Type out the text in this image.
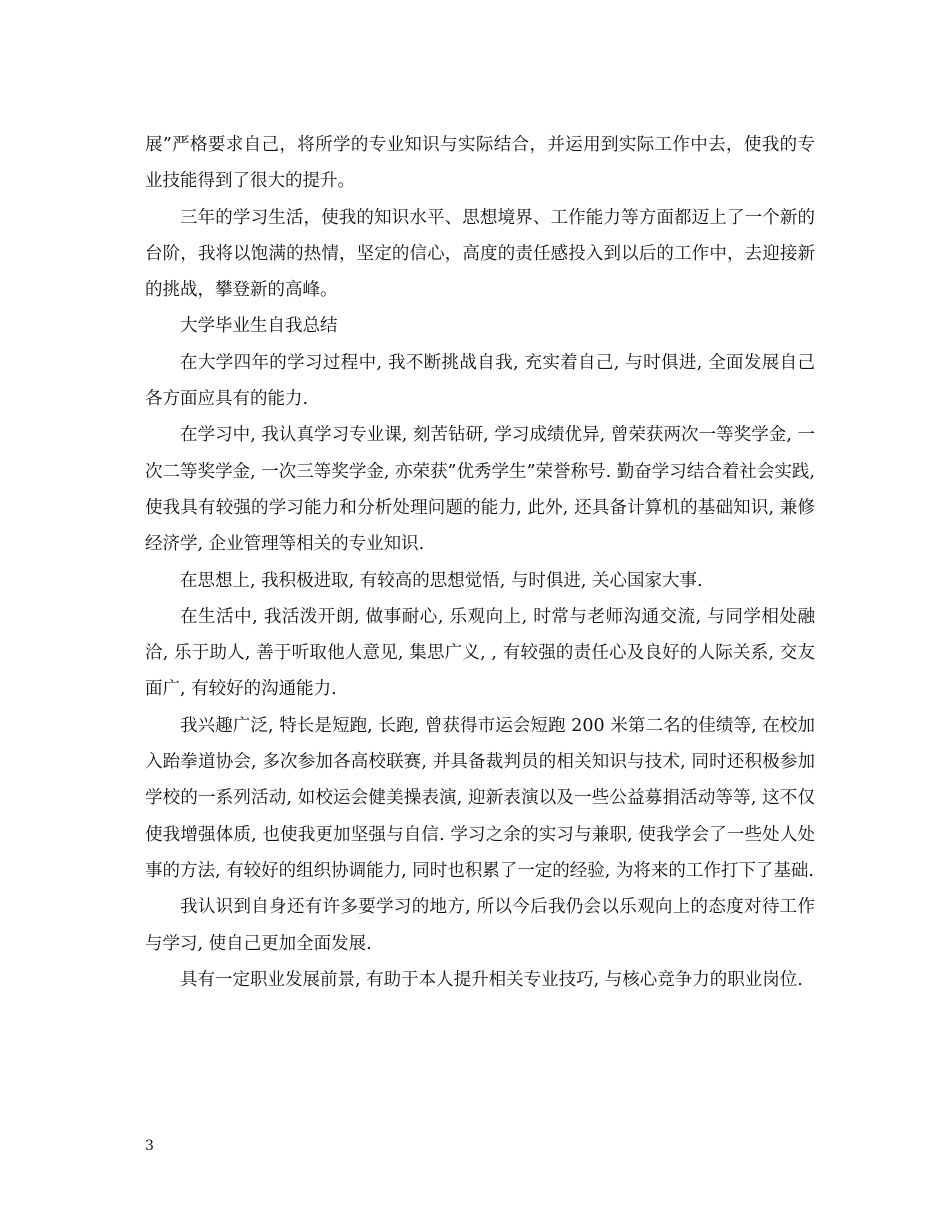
展”严格要求自己，将所学的专业知识与实际结合，并运用到实际工作中去，使我的专业技能得到了很大的提升。

三年的学习生活，使我的知识水平、思想境界、工作能力等方面都迈上了一个新的台阶，我将以饱满的热情，坚定的信心，高度的责任感投入到以后的工作中，去迎接新的挑战，攀登新的高峰。

大学毕业生自我总结

在大学四年的学习过程中, 我不断挑战自我, 充实着自己, 与时俱进, 全面发展自己各方面应具有的能力.

在学习中, 我认真学习专业课, 刻苦钻研, 学习成绩优异, 曾荣获两次一等奖学金, 一次二等奖学金, 一次三等奖学金, 亦荣获”优秀学生”荣誉称号. 勤奋学习结合着社会实践, 使我具有较强的学习能力和分析处理问题的能力, 此外, 还具备计算机的基础知识, 兼修经济学, 企业管理等相关的专业知识.

在思想上, 我积极进取, 有较高的思想觉悟, 与时俱进, 关心国家大事.

在生活中, 我活泼开朗, 做事耐心, 乐观向上, 时常与老师沟通交流, 与同学相处融洽, 乐于助人, 善于听取他人意见, 集思广义, , 有较强的责任心及良好的人际关系, 交友面广, 有较好的沟通能力.

我兴趣广泛, 特长是短跑, 长跑, 曾获得市运会短跑 200 米第二名的佳绩等, 在校加入跆拳道协会, 多次参加各高校联赛, 并具备裁判员的相关知识与技术, 同时还积极参加学校的一系列活动, 如校运会健美操表演, 迎新表演以及一些公益募捐活动等等, 这不仅使我增强体质, 也使我更加坚强与自信. 学习之余的实习与兼职, 使我学会了一些处人处事的方法, 有较好的组织协调能力, 同时也积累了一定的经验, 为将来的工作打下了基础.

我认识到自身还有许多要学习的地方, 所以今后我仍会以乐观向上的态度对待工作与学习, 使自己更加全面发展.

具有一定职业发展前景, 有助于本人提升相关专业技巧, 与核心竞争力的职业岗位.

3
